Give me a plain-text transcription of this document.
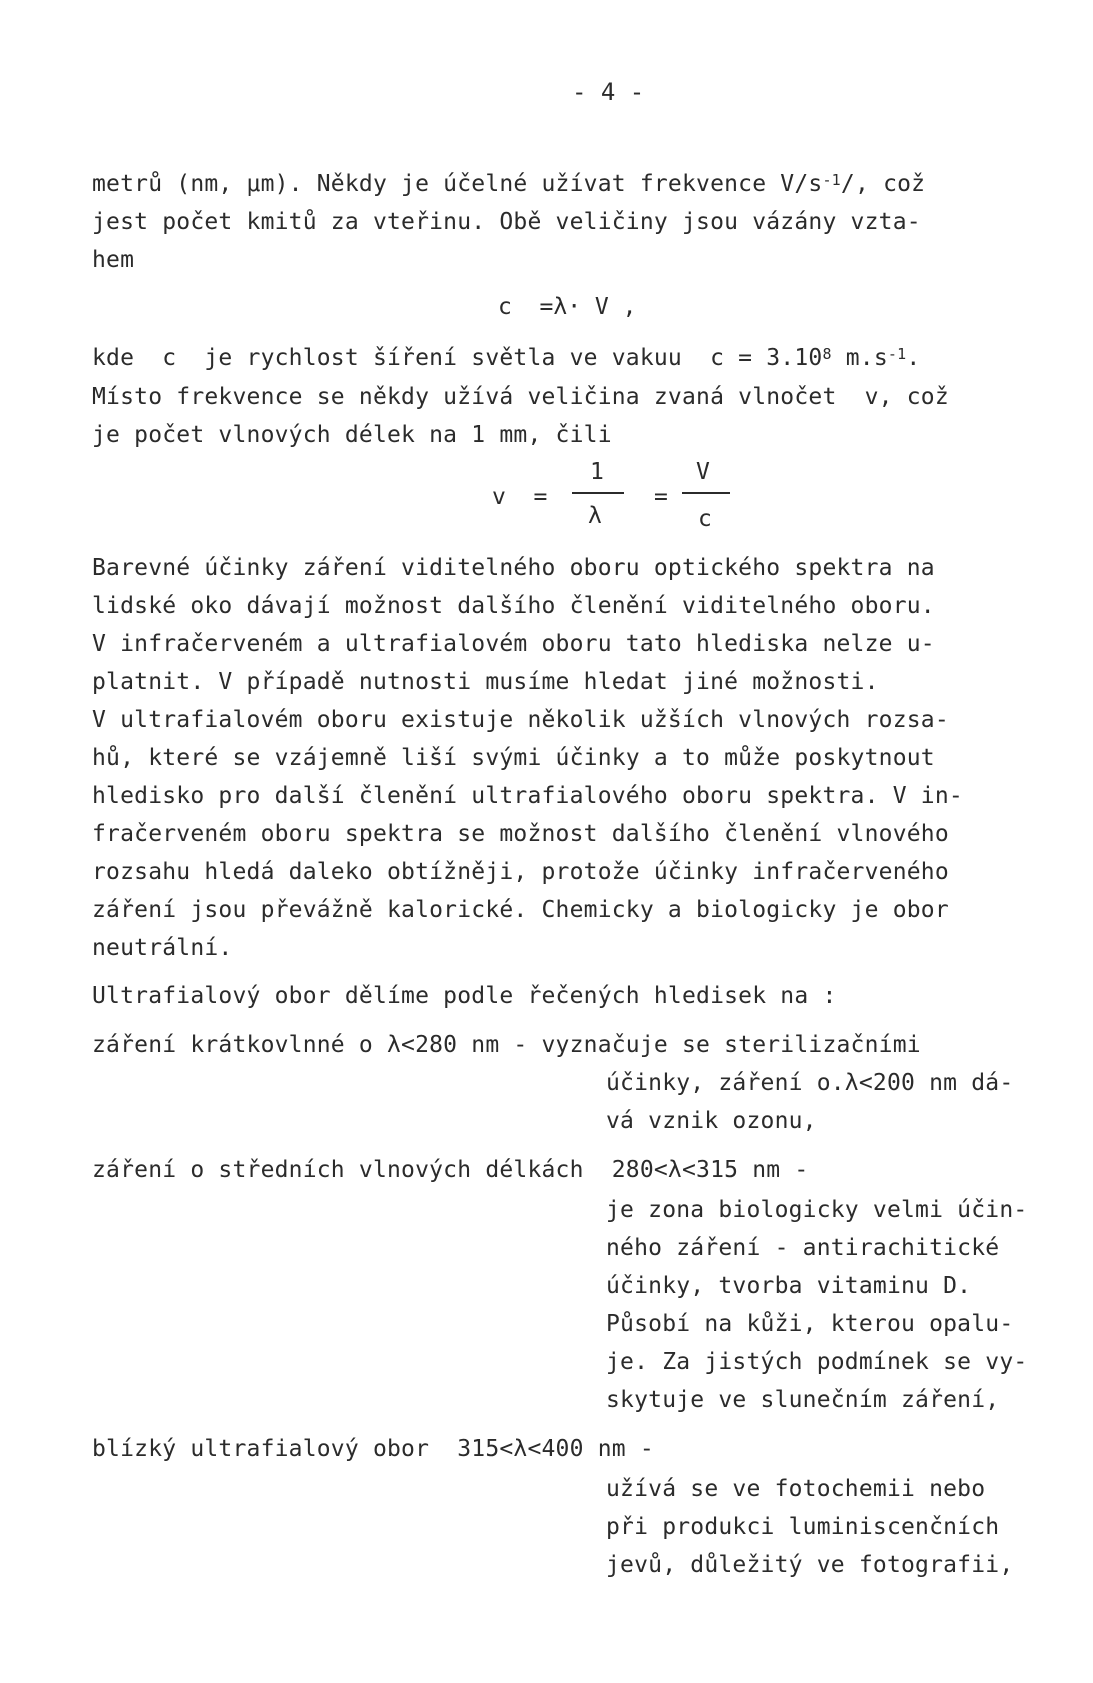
- 4 -
metrů (nm, μm). Někdy je účelné užívat frekvence $V/s^{-1}/$, což
jest počet kmitů za vteřinu. Obě veličiny jsou vázány vzta-
hem
c  =λ· V ,
kde  c  je rychlost šíření světla ve vakuu  $c = 3.10^8$ $m.s^{-1}$.
Místo frekvence se někdy užívá veličina zvaná vlnočet  v, což
je počet vlnových délek na 1 mm, čili
v  =
1
λ
=
V
c
Barevné účinky záření viditelného oboru optického spektra na
lidské oko dávají možnost dalšího členění viditelného oboru.
V infračerveném a ultrafialovém oboru tato hlediska nelze u-
platnit. V případě nutnosti musíme hledat jiné možnosti.
V ultrafialovém oboru existuje několik užších vlnových rozsa-
hů, které se vzájemně liší svými účinky a to může poskytnout
hledisko pro další členění ultrafialového oboru spektra. V in-
fračerveném oboru spektra se možnost dalšího členění vlnového
rozsahu hledá daleko obtížněji, protože účinky infračerveného
záření jsou převážně kalorické. Chemicky a biologicky je obor
neutrální.
Ultrafialový obor dělíme podle řečených hledisek na :
záření krátkovlnné o λ<280 nm - vyznačuje se sterilizačními
účinky, záření o.λ<200 nm dá-
vá vznik ozonu,
záření o středních vlnových délkách  280<λ<315 nm -
je zona biologicky velmi účin-
ného záření - antirachitické
účinky, tvorba vitaminu D.
Působí na kůži, kterou opalu-
je. Za jistých podmínek se vy-
skytuje ve slunečním záření,
blízký ultrafialový obor  315<λ<400 nm -
užívá se ve fotochemii nebo
při produkci luminiscenčních
jevů, důležitý ve fotografii,
